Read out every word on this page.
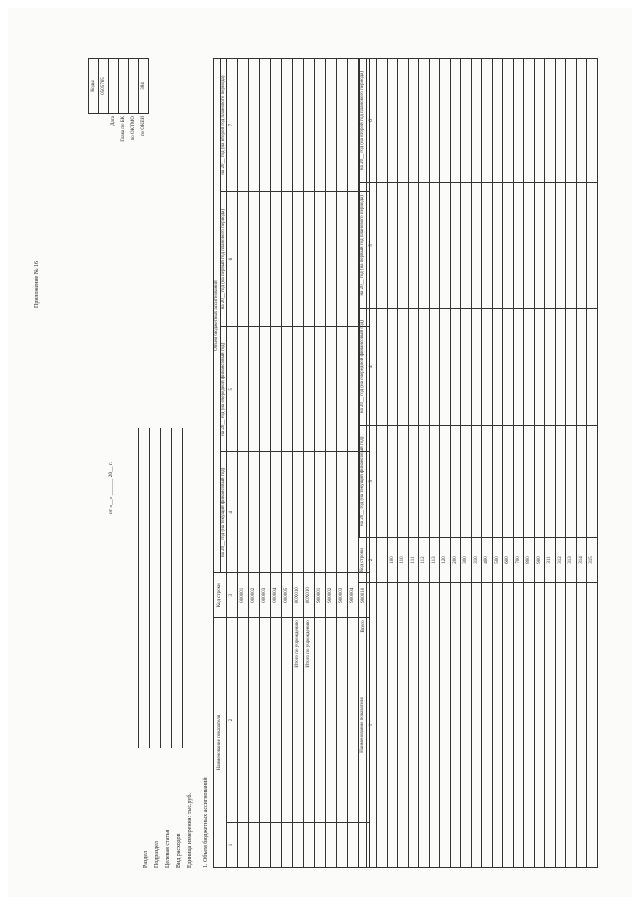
Приложение № 16
от «__» ______ 20__ г.
Раздел Подраздел Целевая статья Вид расходов Единица измерения: тыс.руб.
	Коды
	0505765
Дата	
Глава по БК	
по ОКТМО	
по ОКЕИ	384
1. Объем бюджетных ассигнований
Наименование показателя		Код строки	Объем бюджетных ассигнований			
			на 20__ год (на текущий финансовый год)	на 20__ год (на очередной финансовый год)	на 20__ год (на первый год планового периода)	на 20__ год (на второй год планового периода)
1	2	3	4	5	6	7
		000001				
		000002				
		000003				
		000004				
		000005				
	Итого по учреждению	00X010				
	Итого по учреждению	00X010				
		900001				
		900002				
		900003				
		900004				
	Всего	900010				
Наименование показателя	Код строки				
		на 20__ год (на текущий финансовый год)	на 20__ год (на очередной финансовый год)	на 20__ год (на первый год планового периода)	на 20__ год (на второй год планового периода)
1	2	3	4	5	6

	100				
	110				
	111				
	112				
	113				
	120				
	200				
	300				
	310				
	400				
	500				
	600				
	700				
	800				
	900				
	311				
	312				
	313				
	314				
	315				
